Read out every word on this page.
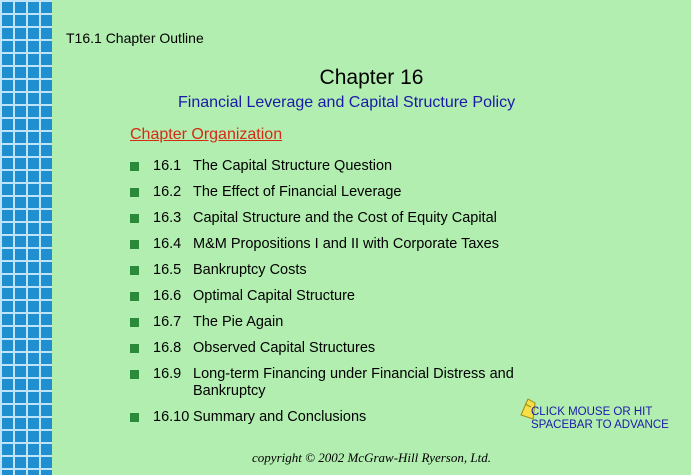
T16.1 Chapter Outline
Chapter 16
Financial Leverage and Capital Structure Policy
Chapter Organization
16.1 The Capital Structure Question
16.2 The Effect of Financial Leverage
16.3 Capital Structure and the Cost of Equity Capital
16.4 M&M Propositions I and II with Corporate Taxes
16.5 Bankruptcy Costs
16.6 Optimal Capital Structure
16.7 The Pie Again
16.8 Observed Capital Structures
16.9 Long-term Financing under Financial Distress and Bankruptcy
16.10 Summary and Conclusions	CLICK MOUSE OR HIT
SPACEBAR TO ADVANCE
copyright © 2002 McGraw-Hill Ryerson, Ltd.
